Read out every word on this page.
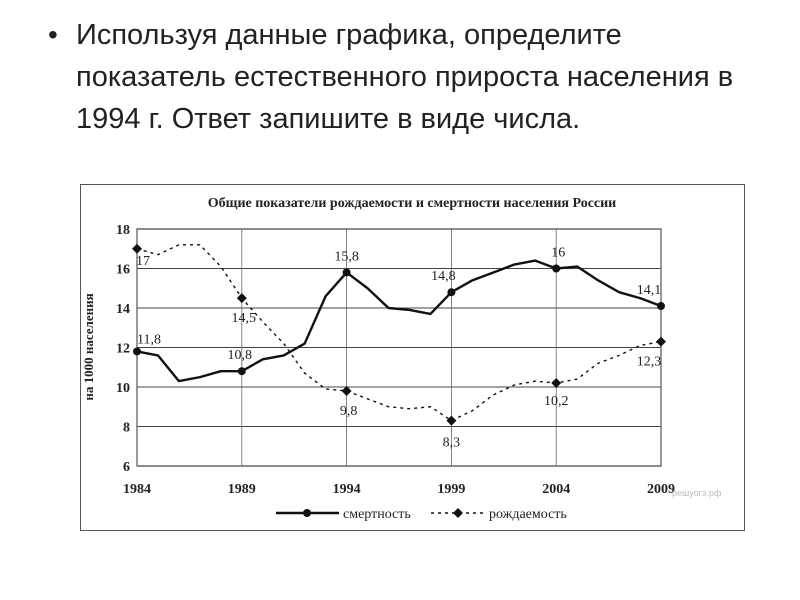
• Используя данные графика, определите показатель естественного прироста населения в 1994 г. Ответ запишите в виде числа.
Общие показатели рождаемости и смертности населения России
на 1000 населения	11,8
10,8
15,8
14,8
16
14,1
17
14,5
9,8
8,3
10,2
12,3
6
8
10
12
14
16
18
1984	1989	1994	1999	2004	2009
смертность	рождаемость
решуогэ.рф
